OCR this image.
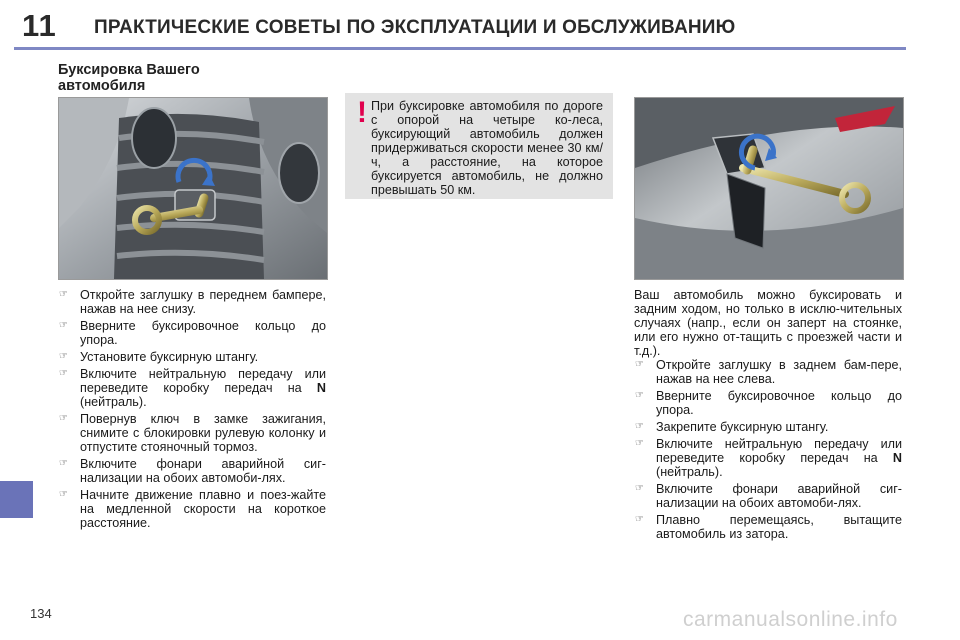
11 ПРАКТИЧЕСКИЕ СОВЕТЫ ПО ЭКСПЛУАТАЦИИ И ОБСЛУЖИВАНИЮ
Буксировка Вашего
автомобиля
! При буксировке автомобиля по дороге с опорой на четыре ко-леса, буксирующий автомобиль должен придерживаться скорости менее 30 км/ч, а расстояние, на которое буксируется автомобиль, не должно превышать 50 км.

☞ Откройте заглушку в переднем бампере, нажав на нее снизу.
☞ Вверните буксировочное кольцо до упора.
☞ Установите буксирную штангу.
☞ Включите нейтральную передачу или переведите коробку передач на N (нейтраль).
☞ Повернув ключ в замке зажигания, снимите с блокировки рулевую колонку и отпустите стояночный тормоз.
☞ Включите фонари аварийной сиг-нализации на обоих автомоби-лях.
☞ Начните движение плавно и поез-жайте на медленной скорости на короткое расстояние.

Ваш автомобиль можно буксировать и задним ходом, но только в исклю-чительных случаях (напр., если он заперт на стоянке, или его нужно от-тащить с проезжей части и т.д.).

☞ Откройте заглушку в заднем бам-пере, нажав на нее слева.
☞ Вверните буксировочное кольцо до упора.
☞ Закрепите буксирную штангу.
☞ Включите нейтральную передачу или переведите коробку передач на N (нейтраль).
☞ Включите фонари аварийной сиг-нализации на обоих автомоби-лях.
☞ Плавно перемещаясь, вытащите автомобиль из затора.
134	carmanualsonline.info
